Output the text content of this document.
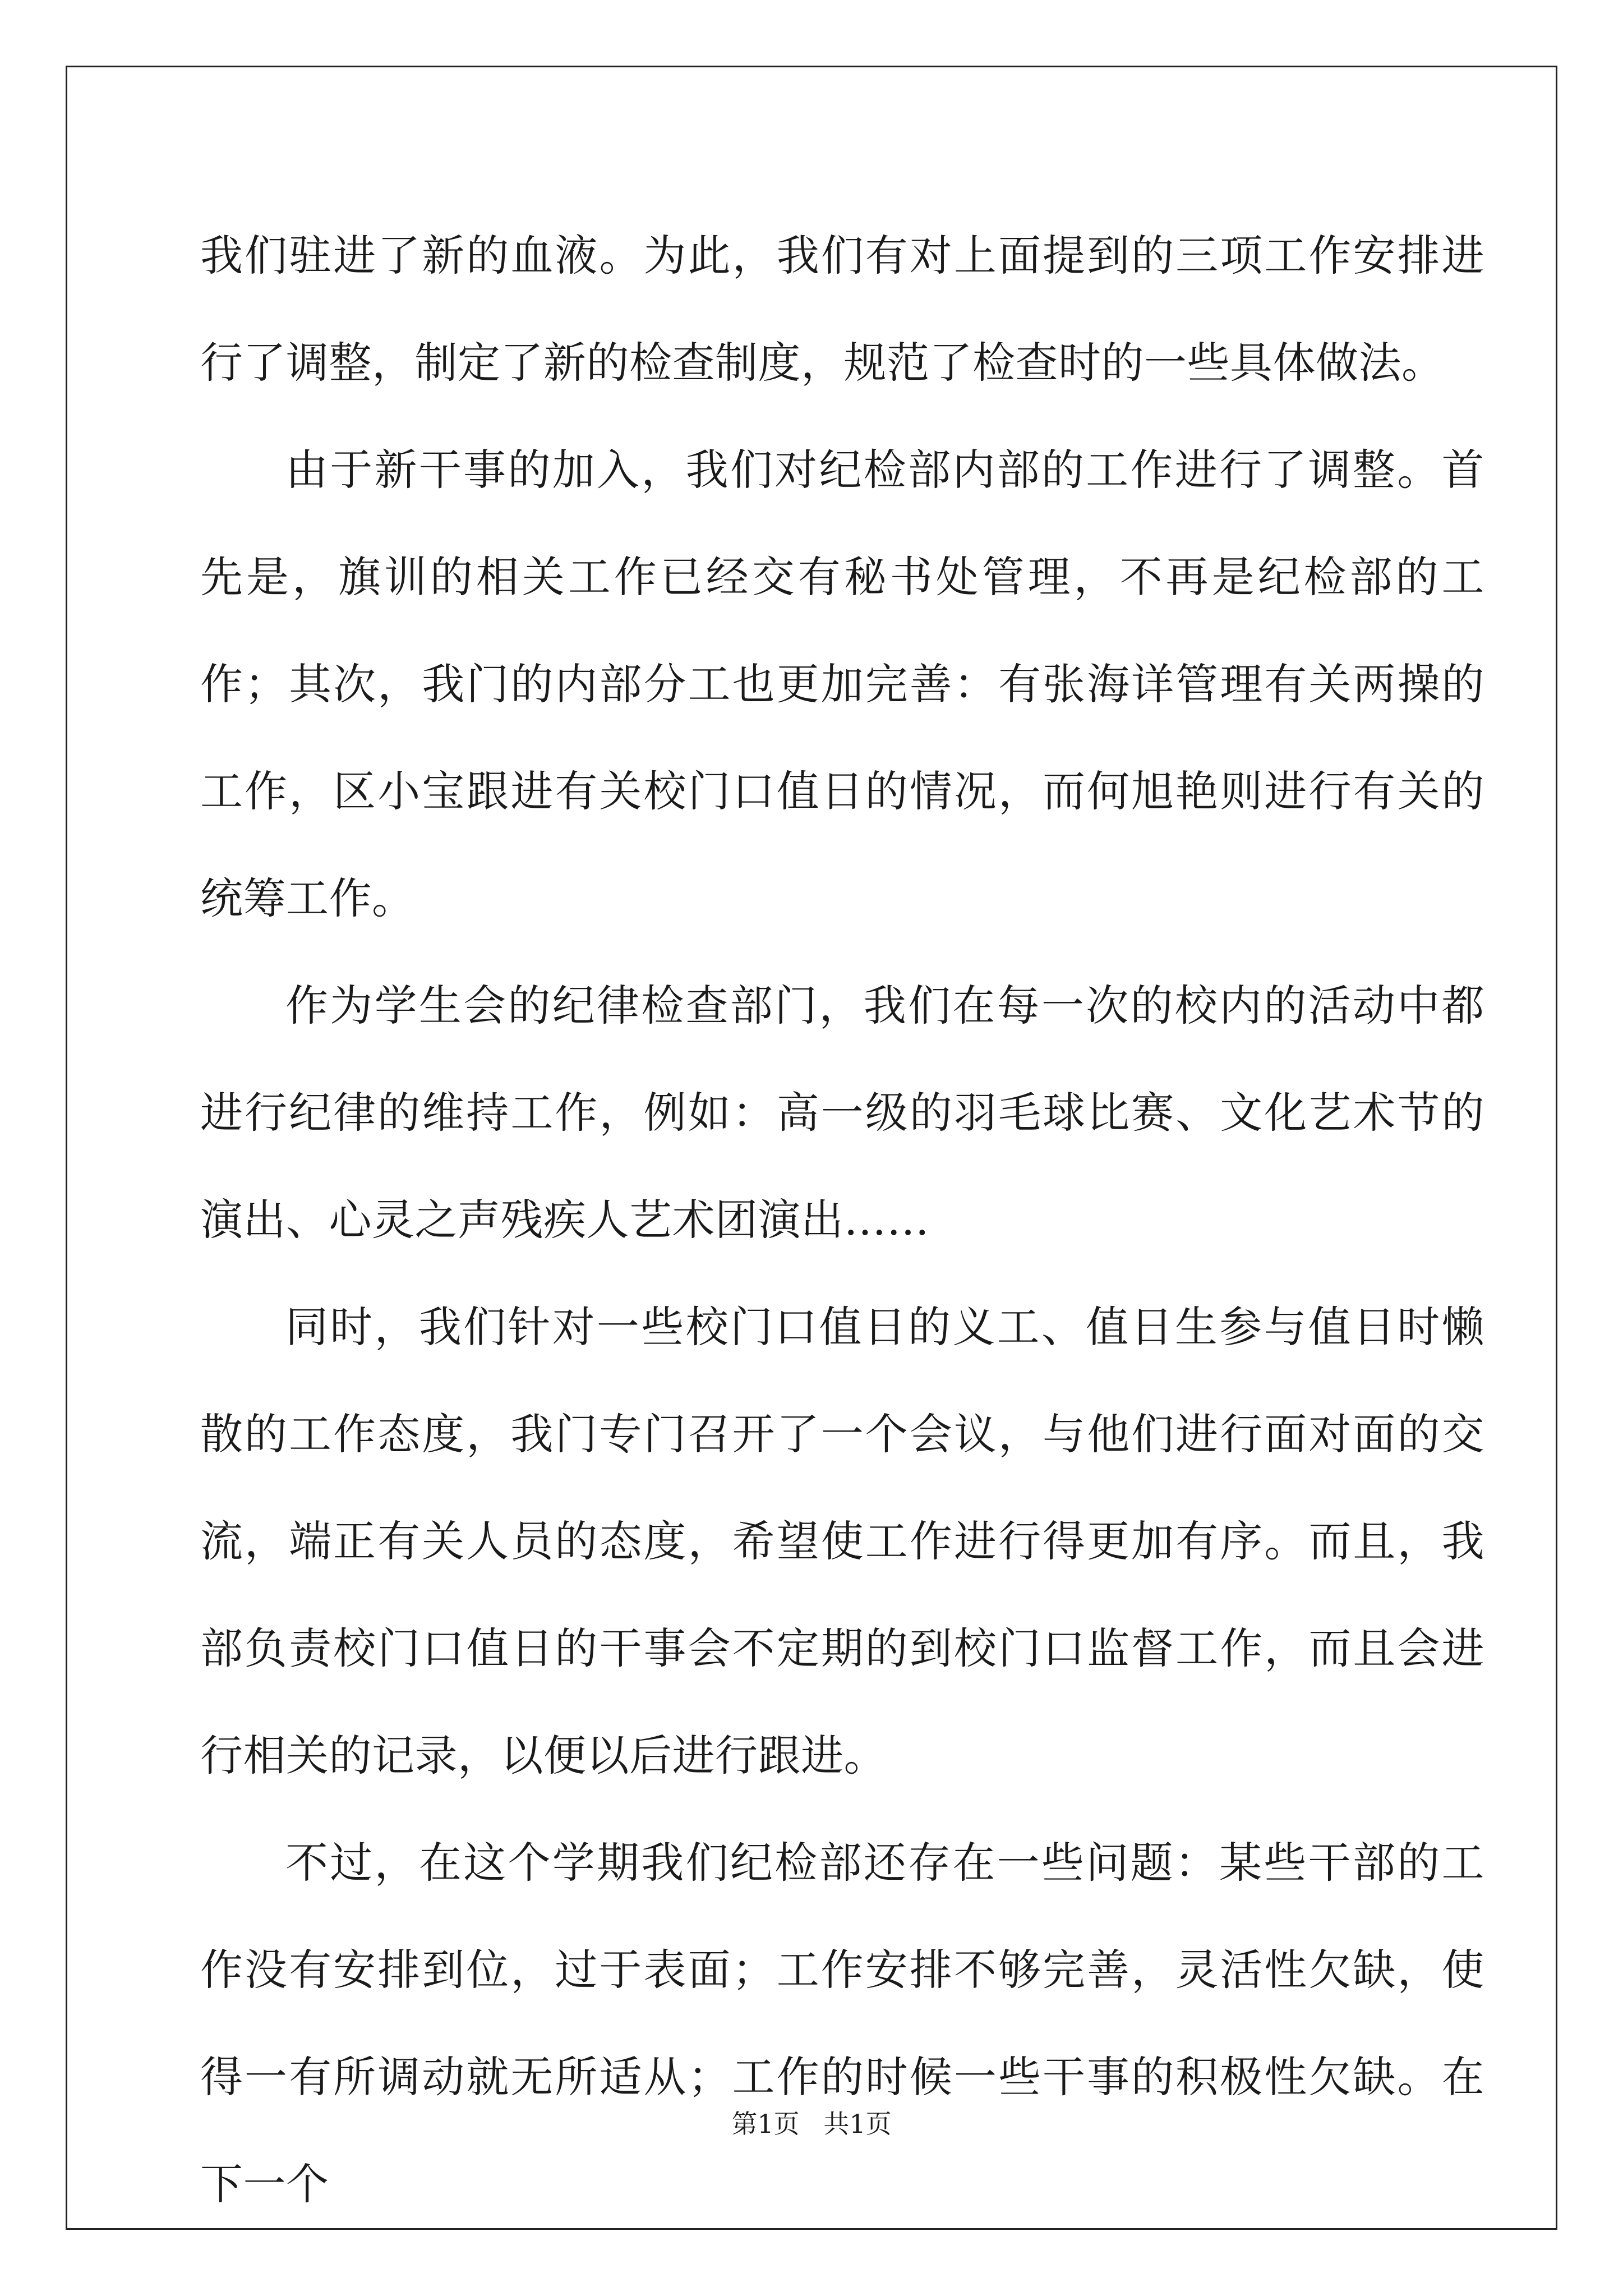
我们驻进了新的血液。为此，我们有对上面提到的三项工作安排进行了调整，制定了新的检查制度，规范了检查时的一些具体做法。

由于新干事的加入，我们对纪检部内部的工作进行了调整。首先是，旗训的相关工作已经交有秘书处管理，不再是纪检部的工作；其次，我门的内部分工也更加完善：有张海详管理有关两操的工作，区小宝跟进有关校门口值日的情况，而何旭艳则进行有关的统筹工作。

作为学生会的纪律检查部门，我们在每一次的校内的活动中都进行纪律的维持工作，例如：高一级的羽毛球比赛、文化艺术节的演出、心灵之声残疾人艺术团演出……

同时，我们针对一些校门口值日的义工、值日生参与值日时懒散的工作态度，我门专门召开了一个会议，与他们进行面对面的交流，端正有关人员的态度，希望使工作进行得更加有序。而且，我部负责校门口值日的干事会不定期的到校门口监督工作，而且会进行相关的记录，以便以后进行跟进。

不过，在这个学期我们纪检部还存在一些问题：某些干部的工作没有安排到位，过于表面；工作安排不够完善，灵活性欠缺，使得一有所调动就无所适从；工作的时候一些干事的积极性欠缺。在下一个

第1页 共1页
